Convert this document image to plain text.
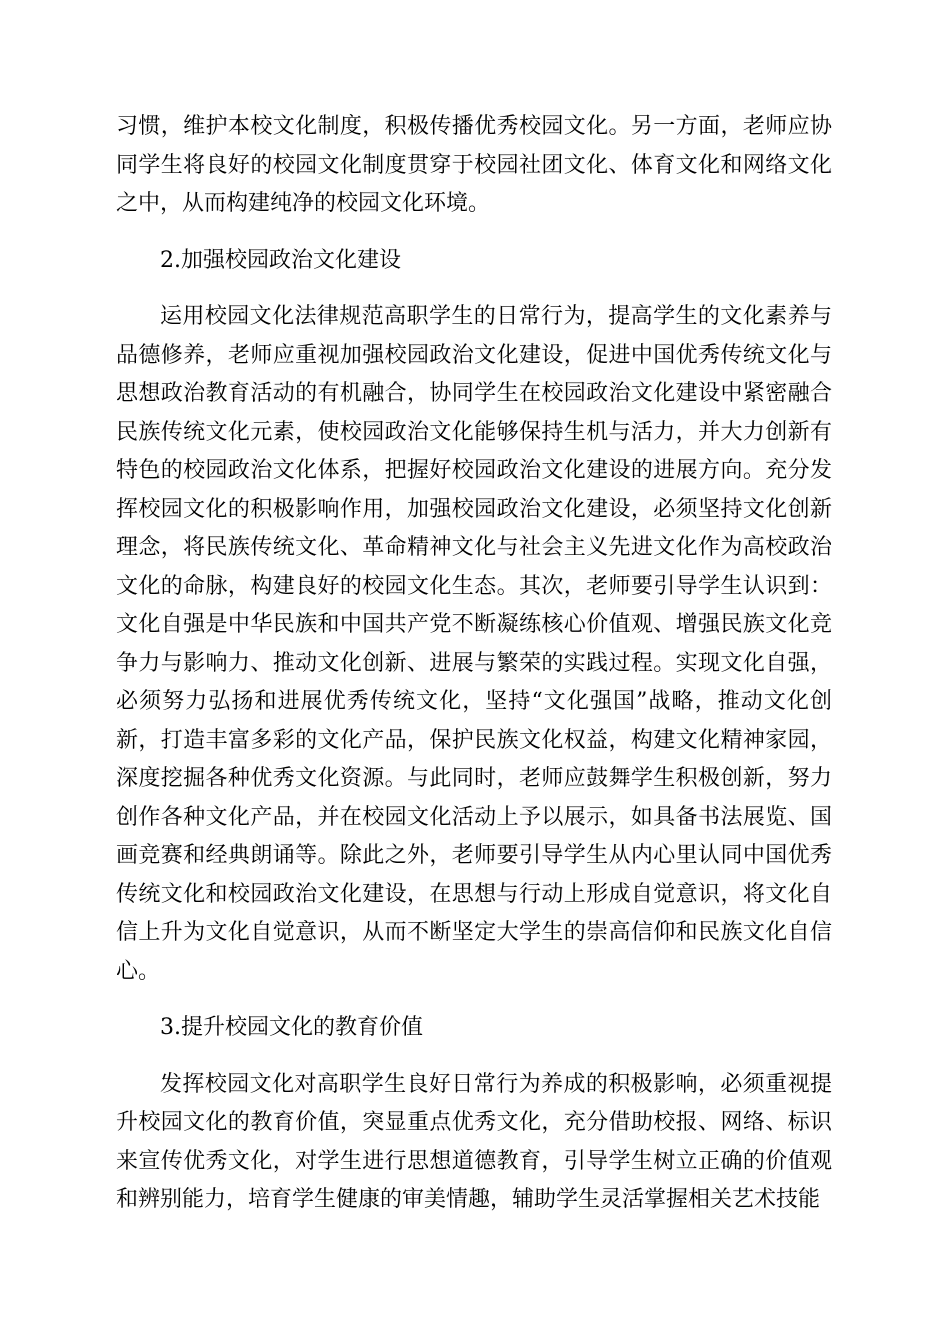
习惯，维护本校文化制度，积极传播优秀校园文化。另一方面，老师应协同学生将良好的校园文化制度贯穿于校园社团文化、体育文化和网络文化之中，从而构建纯净的校园文化环境。

2.加强校园政治文化建设

运用校园文化法律规范高职学生的日常行为，提高学生的文化素养与品德修养，老师应重视加强校园政治文化建设，促进中国优秀传统文化与思想政治教育活动的有机融合，协同学生在校园政治文化建设中紧密融合民族传统文化元素，使校园政治文化能够保持生机与活力，并大力创新有特色的校园政治文化体系，把握好校园政治文化建设的进展方向。充分发挥校园文化的积极影响作用，加强校园政治文化建设，必须坚持文化创新理念，将民族传统文化、革命精神文化与社会主义先进文化作为高校政治文化的命脉，构建良好的校园文化生态。其次，老师要引导学生认识到：文化自强是中华民族和中国共产党不断凝练核心价值观、增强民族文化竞争力与影响力、推动文化创新、进展与繁荣的实践过程。实现文化自强，必须努力弘扬和进展优秀传统文化，坚持“文化强国”战略，推动文化创新，打造丰富多彩的文化产品，保护民族文化权益，构建文化精神家园，深度挖掘各种优秀文化资源。与此同时，老师应鼓舞学生积极创新，努力创作各种文化产品，并在校园文化活动上予以展示，如具备书法展览、国画竞赛和经典朗诵等。除此之外，老师要引导学生从内心里认同中国优秀传统文化和校园政治文化建设，在思想与行动上形成自觉意识，将文化自信上升为文化自觉意识，从而不断坚定大学生的崇高信仰和民族文化自信心。

3.提升校园文化的教育价值

发挥校园文化对高职学生良好日常行为养成的积极影响，必须重视提升校园文化的教育价值，突显重点优秀文化，充分借助校报、网络、标识来宣传优秀文化，对学生进行思想道德教育，引导学生树立正确的价值观和辨别能力，培育学生健康的审美情趣，辅助学生灵活掌握相关艺术技能
